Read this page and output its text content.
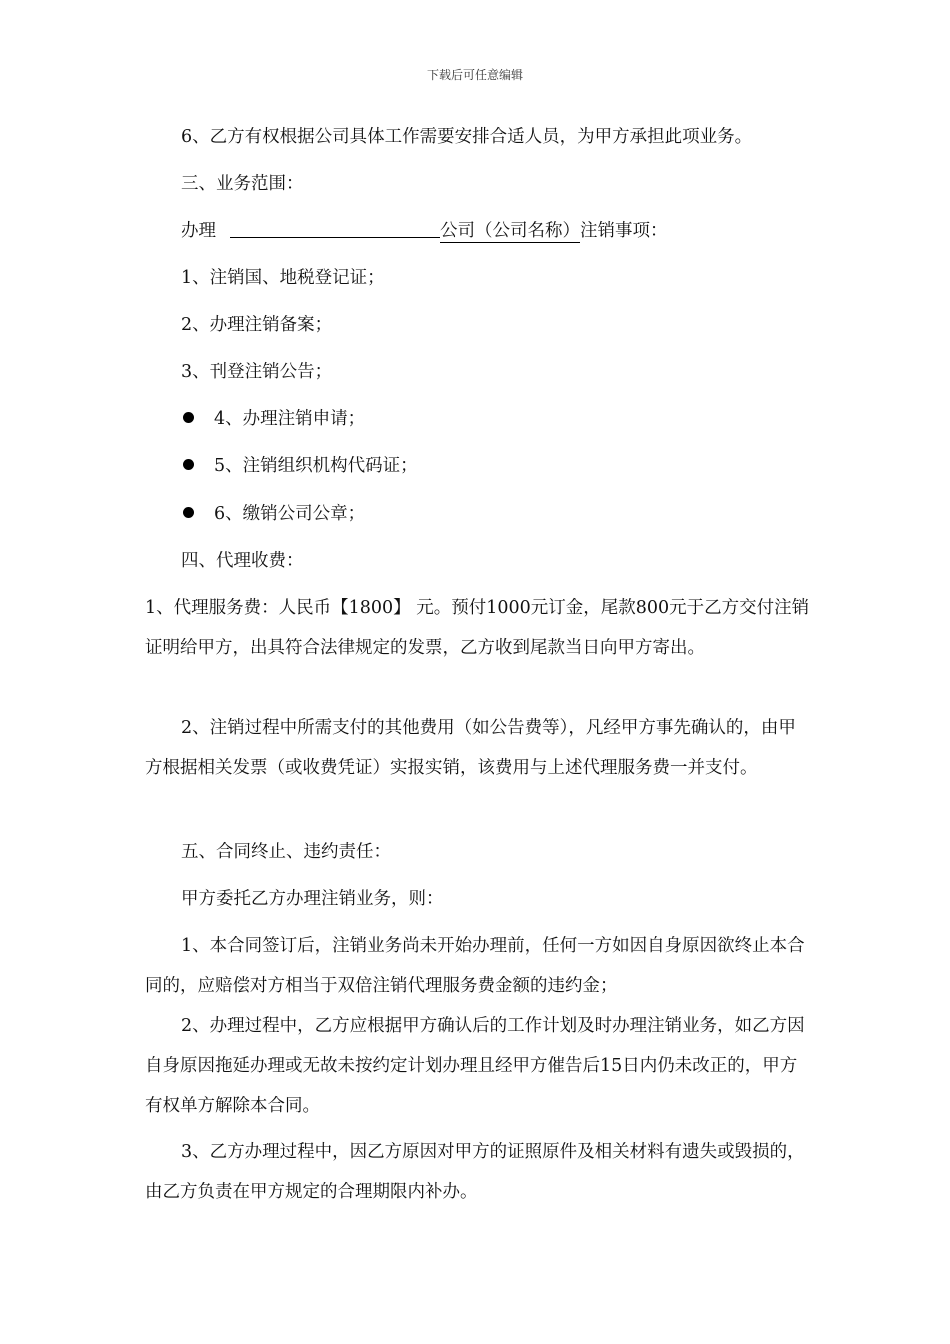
下载后可任意编辑
6、乙方有权根据公司具体工作需要安排合适人员，为甲方承担此项业务。
三、业务范围：
办理	公司（公司名称）注销事项：
1、注销国、地税登记证；
2、办理注销备案；
3、刊登注销公告；
4、办理注销申请；
5、注销组织机构代码证；
6、缴销公司公章；
四、代理收费：
1、代理服务费：人民币【1800】 元。预付1000元订金，尾款800元于乙方交付注销证明给甲方，出具符合法律规定的发票，乙方收到尾款当日向甲方寄出。
2、注销过程中所需支付的其他费用（如公告费等），凡经甲方事先确认的，由甲方根据相关发票（或收费凭证）实报实销，该费用与上述代理服务费一并支付。
五、合同终止、违约责任：
甲方委托乙方办理注销业务，则：
1、本合同签订后，注销业务尚未开始办理前，任何一方如因自身原因欲终止本合同的，应赔偿对方相当于双倍注销代理服务费金额的违约金；
2、办理过程中，乙方应根据甲方确认后的工作计划及时办理注销业务，如乙方因自身原因拖延办理或无故未按约定计划办理且经甲方催告后15日内仍未改正的，甲方有权单方解除本合同。
3、乙方办理过程中，因乙方原因对甲方的证照原件及相关材料有遗失或毁损的，由乙方负责在甲方规定的合理期限内补办。
